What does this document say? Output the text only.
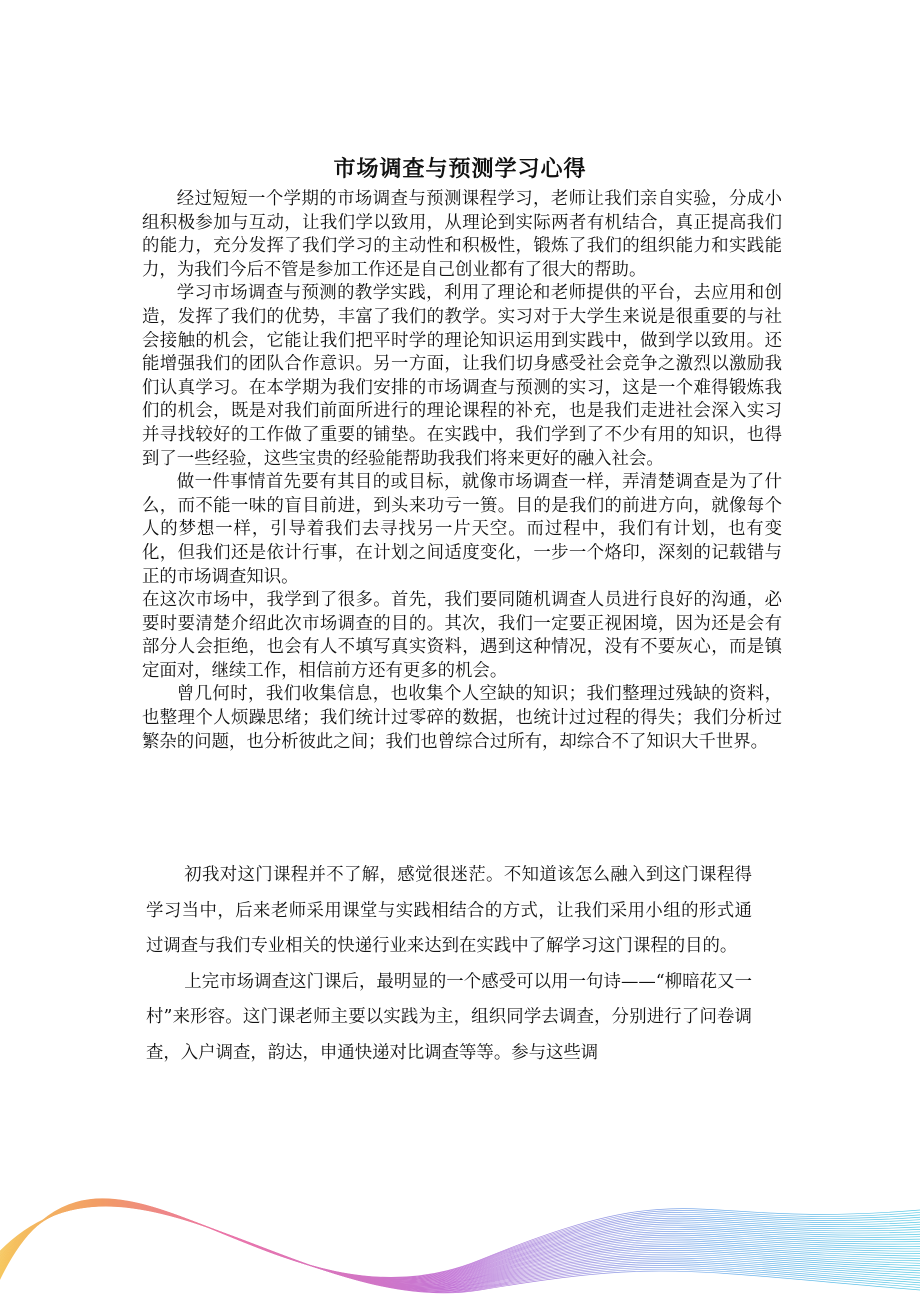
市场调查与预测学习心得

经过短短一个学期的市场调查与预测课程学习，老师让我们亲自实验，分成小组积极参加与互动，让我们学以致用，从理论到实际两者有机结合，真正提高我们的能力，充分发挥了我们学习的主动性和积极性，锻炼了我们的组织能力和实践能力，为我们今后不管是参加工作还是自己创业都有了很大的帮助。

学习市场调查与预测的教学实践，利用了理论和老师提供的平台，去应用和创造，发挥了我们的优势，丰富了我们的教学。实习对于大学生来说是很重要的与社会接触的机会，它能让我们把平时学的理论知识运用到实践中，做到学以致用。还能增强我们的团队合作意识。另一方面，让我们切身感受社会竞争之激烈以激励我们认真学习。在本学期为我们安排的市场调查与预测的实习，这是一个难得锻炼我们的机会，既是对我们前面所进行的理论课程的补充，也是我们走进社会深入实习并寻找较好的工作做了重要的铺垫。在实践中，我们学到了不少有用的知识，也得到了一些经验，这些宝贵的经验能帮助我我们将来更好的融入社会。

做一件事情首先要有其目的或目标，就像市场调查一样，弄清楚调查是为了什么，而不能一味的盲目前进，到头来功亏一篑。目的是我们的前进方向，就像每个人的梦想一样，引导着我们去寻找另一片天空。而过程中，我们有计划，也有变化，但我们还是依计行事，在计划之间适度变化，一步一个烙印，深刻的记载错与正的市场调查知识。

在这次市场中，我学到了很多。首先，我们要同随机调查人员进行良好的沟通，必要时要清楚介绍此次市场调查的目的。其次，我们一定要正视困境，因为还是会有部分人会拒绝，也会有人不填写真实资料，遇到这种情况，没有不要灰心，而是镇定面对，继续工作，相信前方还有更多的机会。

曾几何时，我们收集信息，也收集个人空缺的知识；我们整理过残缺的资料，也整理个人烦躁思绪；我们统计过零碎的数据，也统计过过程的得失；我们分析过繁杂的问题，也分析彼此之间；我们也曾综合过所有，却综合不了知识大千世界。

初我对这门课程并不了解，感觉很迷茫。不知道该怎么融入到这门课程得学习当中，后来老师采用课堂与实践相结合的方式，让我们采用小组的形式通过调查与我们专业相关的快递行业来达到在实践中了解学习这门课程的目的。

上完市场调查这门课后，最明显的一个感受可以用一句诗——“柳暗花又一村”来形容。这门课老师主要以实践为主，组织同学去调查，分别进行了问卷调查，入户调查，韵达，申通快递对比调查等等。参与这些调
